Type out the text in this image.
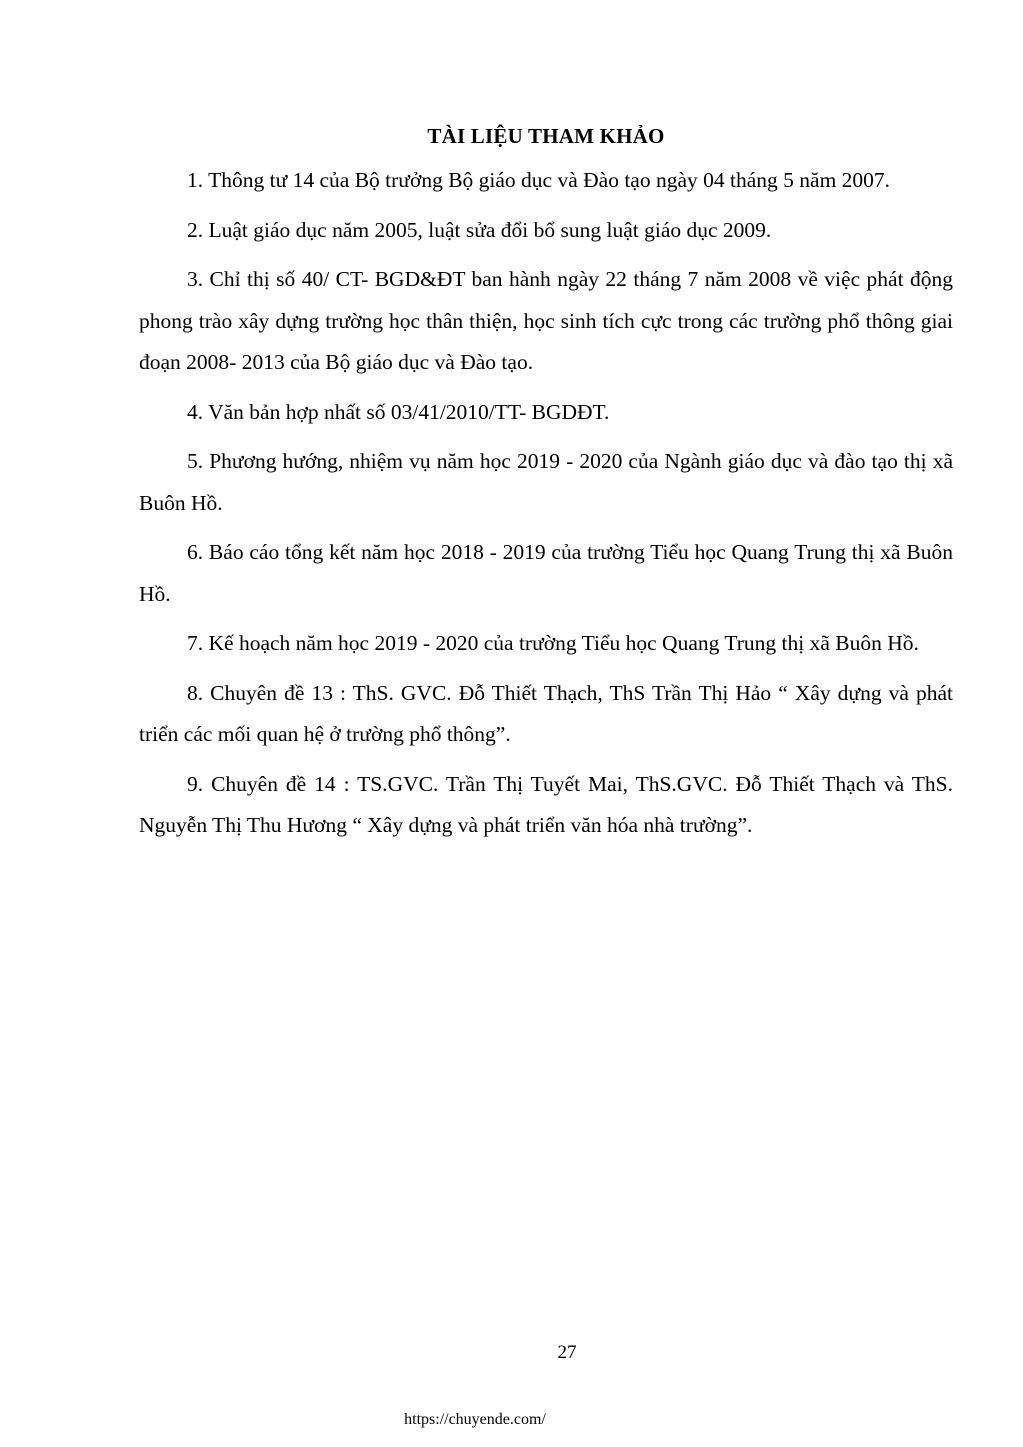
TÀI LIỆU THAM KHẢO

1. Thông tư 14 của Bộ trưởng Bộ giáo dục và Đào tạo ngày 04 tháng 5 năm 2007.

2. Luật giáo dục năm 2005, luật sửa đổi bổ sung luật giáo dục 2009.

3. Chỉ thị số 40/ CT- BGD&ĐT ban hành ngày 22 tháng 7 năm 2008 về việc phát động phong trào xây dựng trường học thân thiện, học sinh tích cực trong các trường phổ thông giai đoạn 2008- 2013 của Bộ giáo dục và Đào tạo.

4. Văn bản hợp nhất số 03/41/2010/TT- BGDĐT.

5. Phương hướng, nhiệm vụ năm học 2019 - 2020 của Ngành giáo dục và đào tạo thị xã Buôn Hồ.

6. Báo cáo tổng kết năm học 2018 - 2019 của trường Tiểu học Quang Trung thị xã Buôn Hồ.

7. Kế hoạch năm học 2019 - 2020 của trường Tiểu học Quang Trung thị xã Buôn Hồ.

8. Chuyên đề 13 : ThS. GVC. Đỗ Thiết Thạch, ThS Trần Thị Hảo “ Xây dựng và phát triển các mối quan hệ ở trường phổ thông”.

9. Chuyên đề 14 : TS.GVC. Trần Thị Tuyết Mai, ThS.GVC. Đỗ Thiết Thạch và ThS. Nguyễn Thị Thu Hương “ Xây dựng và phát triển văn hóa nhà trường”.

27
https://chuyende.com/
